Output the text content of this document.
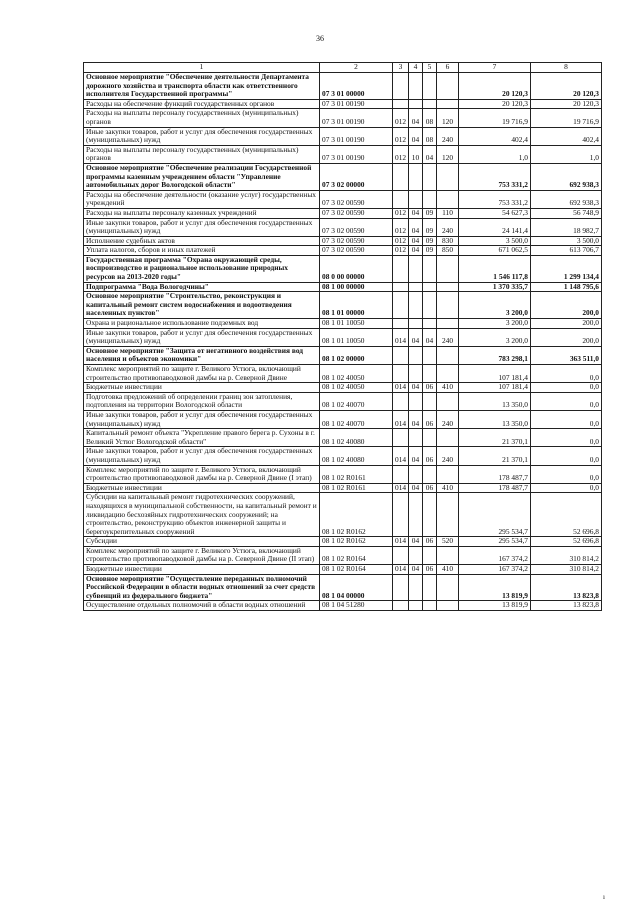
36
1	2	3	4	5	6	7	8
Основное мероприятие "Обеспечение деятельности Департамента дорожного хозяйства и транспорта области как ответственного исполнителя Государственной программы"	07 3 01 00000					20 120,3	20 120,3
Расходы на обеспечение функций государственных органов	07 3 01 00190					20 120,3	20 120,3
Расходы на выплаты персоналу государственных (муниципальных) органов	07 3 01 00190	012	04	08	120	19 716,9	19 716,9
Иные закупки товаров, работ и услуг для обеспечения государственных (муниципальных) нужд	07 3 01 00190	012	04	08	240	402,4	402,4
Расходы на выплаты персоналу государственных (муниципальных) органов	07 3 01 00190	012	10	04	120	1,0	1,0
Основное мероприятие "Обеспечение реализации Государственной программы казенным учреждением области "Управление автомобильных дорог Вологодской области"	07 3 02 00000					753 331,2	692 938,3
Расходы на обеспечение деятельности (оказание услуг) государственных учреждений	07 3 02 00590					753 331,2	692 938,3
Расходы на выплаты персоналу казенных учреждений	07 3 02 00590	012	04	09	110	54 627,3	56 748,9
Иные закупки товаров, работ и услуг для обеспечения государственных (муниципальных) нужд	07 3 02 00590	012	04	09	240	24 141,4	18 982,7
Исполнение судебных актов	07 3 02 00590	012	04	09	830	3 500,0	3 500,0
Уплата налогов, сборов и иных платежей	07 3 02 00590	012	04	09	850	671 062,5	613 706,7
Государственная программа "Охрана окружающей среды, воспроизводство и рациональное использование природных ресурсов на 2013-2020 годы"	08 0 00 00000					1 546 117,8	1 299 134,4
Подпрограмма "Вода Вологодчины"	08 1 00 00000					1 370 335,7	1 148 795,6
Основное мероприятие "Строительство, реконструкция и капитальный ремонт систем водоснабжения и водоотведения населенных пунктов"	08 1 01 00000					3 200,0	200,0
Охрана и рациональное использование подземных вод	08 1 01 10050					3 200,0	200,0
Иные закупки товаров, работ и услуг для обеспечения государственных (муниципальных) нужд	08 1 01 10050	014	04	04	240	3 200,0	200,0
Основное мероприятие "Защита от негативного воздействия вод населения и объектов экономики"	08 1 02 00000					783 298,1	363 511,0
Комплекс мероприятий по защите г. Великого Устюга, включающий строительство противопаводковой дамбы на р. Северной Двине	08 1 02 40050					107 181,4	0,0
Бюджетные инвестиции	08 1 02 40050	014	04	06	410	107 181,4	0,0
Подготовка предложений об определении границ зон затопления, подтопления на территории Вологодской области	08 1 02 40070					13 350,0	0,0
Иные закупки товаров, работ и услуг для обеспечения государственных (муниципальных) нужд	08 1 02 40070	014	04	06	240	13 350,0	0,0
Капитальный ремонт объекта "Укрепление правого берега р. Сухоны в г. Великий Устюг Вологодской области"	08 1 02 40080					21 370,1	0,0
Иные закупки товаров, работ и услуг для обеспечения государственных (муниципальных) нужд	08 1 02 40080	014	04	06	240	21 370,1	0,0
Комплекс мероприятий по защите г. Великого Устюга, включающий строительство противопаводковой дамбы на р. Северной Двине (I этап)	08 1 02 R0161					178 487,7	0,0
Бюджетные инвестиции	08 1 02 R0161	014	04	06	410	178 487,7	0,0
Субсидии на капитальный ремонт гидротехнических сооружений, находящихся в муниципальной собственности, на капитальный ремонт и ликвидацию бесхозяйных гидротехнических сооружений; на строительство, реконструкцию объектов инженерной защиты и берегоукрепительных сооружений	08 1 02 R0162					295 534,7	52 696,8
Субсидии	08 1 02 R0162	014	04	06	520	295 534,7	52 696,8
Комплекс мероприятий по защите г. Великого Устюга, включающий строительство противопаводковой дамбы на р. Северной Двине (II этап)	08 1 02 R0164					167 374,2	310 814,2
Бюджетные инвестиции	08 1 02 R0164	014	04	06	410	167 374,2	310 814,2
Основное мероприятие "Осуществление переданных полномочий Российской Федерации в области водных отношений за счет средств субвенций из федерального бюджета"	08 1 04 00000					13 819,9	13 823,8
Осуществление отдельных полномочий в области водных отношений	08 1 04 51280					13 819,9	13 823,8
ı
